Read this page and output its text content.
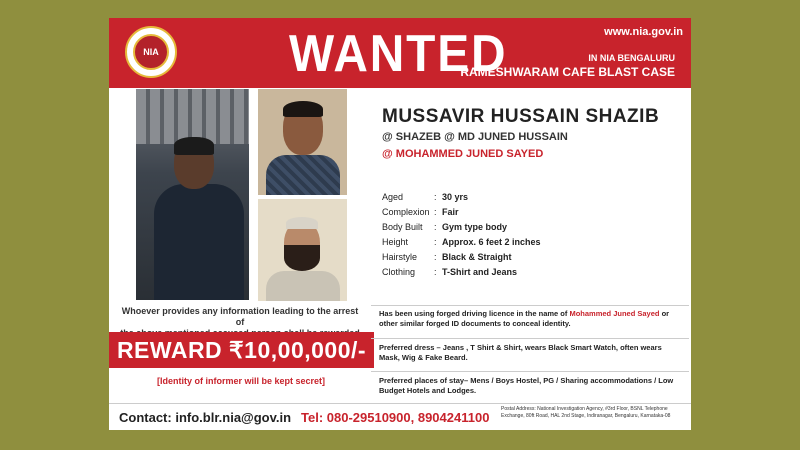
NIA	WANTED	www.nia.gov.in
IN NIA BENGALURU
RAMESHWARAM CAFE BLAST CASE
MUSSAVIR HUSSAIN SHAZIB
@ SHAZEB @ MD JUNED HUSSAIN
@ MOHAMMED JUNED SAYED
Aged	: 30 yrs
Complexion : Fair
Body Built	: Gym type body
Height	: Approx. 6 feet 2 inches
Hairstyle	: Black & Straight
Clothing	: T-Shirt and Jeans
Whoever provides any information leading to the arrest of
REWARD ₹10,00,000/-
[Identity of informer will be kept secret]
Has been using forged driving licence in the name of Mohammed Juned Sayed or other similar forged ID documents to conceal identity.
Preferred dress – Jeans , T Shirt & Shirt, wears Black Smart Watch, often wears Mask, Wig & Fake Beard.
Preferred places of stay– Mens / Boys Hostel, PG / Sharing accommodations / Low Budget Hotels and Lodges.
Contact: info.blr.nia@gov.in Tel: 080-29510900, 8904241100
Postal Address: National Investigation Agency, #3rd Floor, BSNL Telephone Exchange, 80ft Road, HAL 2nd Stage, Indiranagar, Bengaluru, Karnataka-08
